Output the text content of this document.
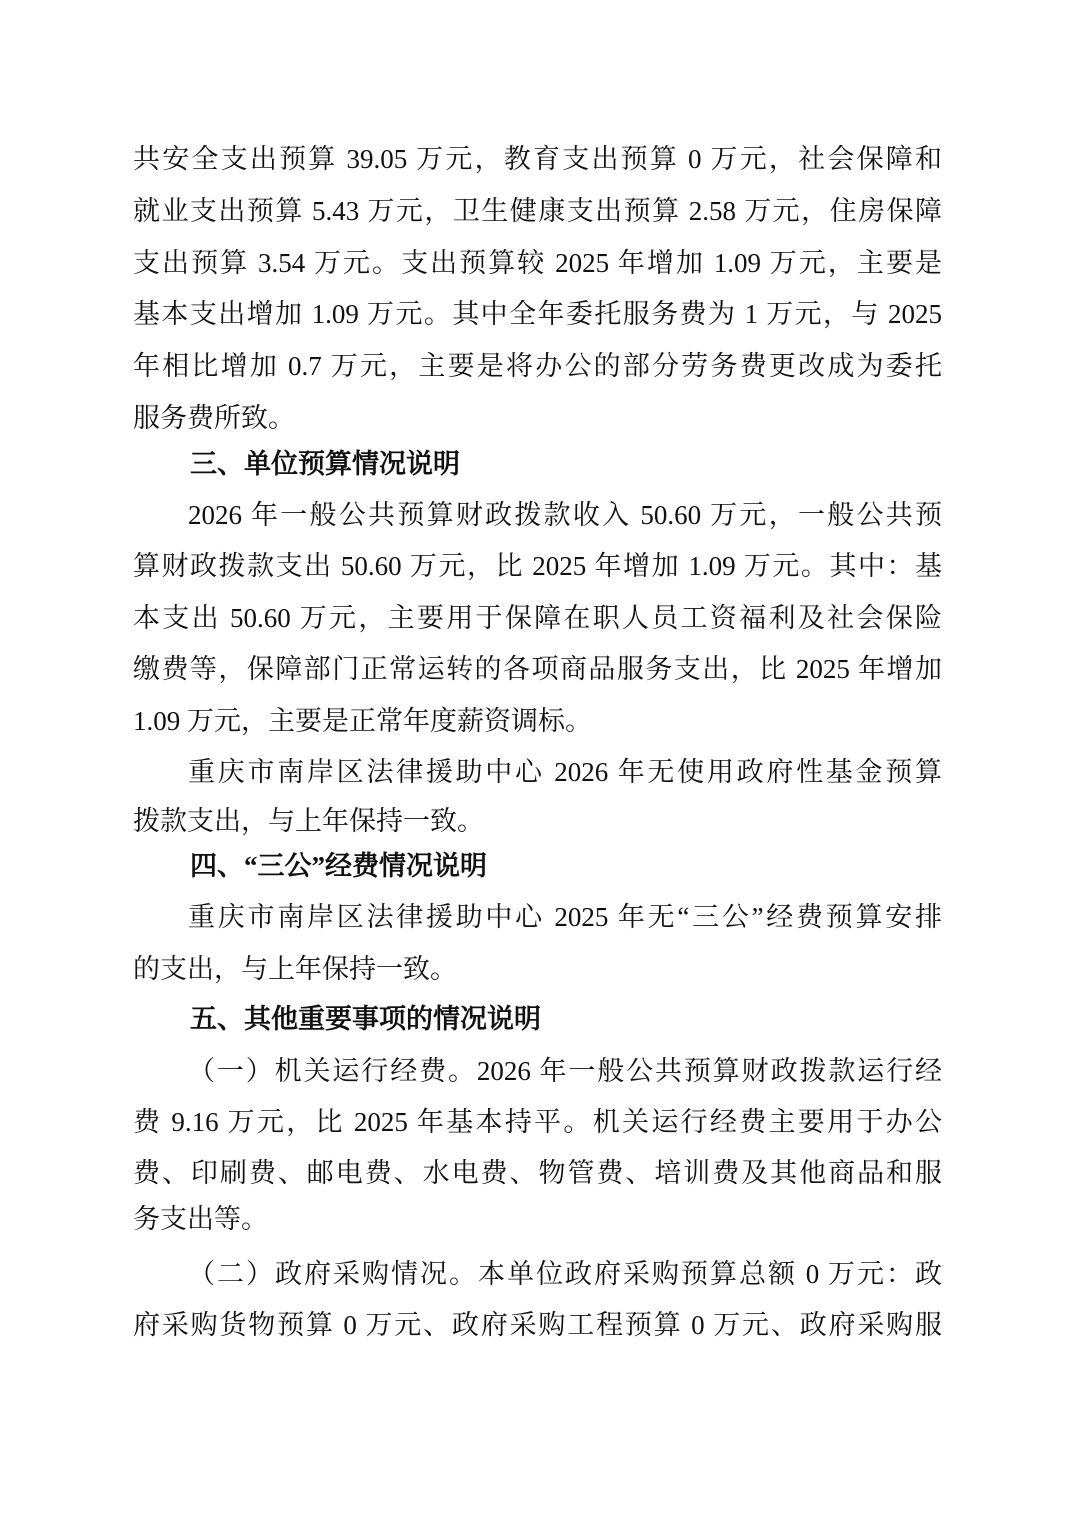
共安全支出预算 39.05 万元，教育支出预算 0 万元，社会保障和
就业支出预算 5.43 万元，卫生健康支出预算 2.58 万元，住房保障
支出预算 3.54 万元。支出预算较 2025 年增加 1.09 万元，主要是
基本支出增加 1.09 万元。其中全年委托服务费为 1 万元，与 2025
年相比增加 0.7 万元，主要是将办公的部分劳务费更改成为委托
服务费所致。
三、单位预算情况说明
2026 年一般公共预算财政拨款收入 50.60 万元，一般公共预
算财政拨款支出 50.60 万元，比 2025 年增加 1.09 万元。其中：基
本支出 50.60 万元，主要用于保障在职人员工资福利及社会保险
缴费等，保障部门正常运转的各项商品服务支出，比 2025 年增加
1.09 万元，主要是正常年度薪资调标。
重庆市南岸区法律援助中心 2026 年无使用政府性基金预算
拨款支出，与上年保持一致。
四、“三公”经费情况说明
重庆市南岸区法律援助中心 2025 年无“三公”经费预算安排
的支出，与上年保持一致。
五、其他重要事项的情况说明
（一）机关运行经费。2026 年一般公共预算财政拨款运行经
费 9.16 万元，比 2025 年基本持平。机关运行经费主要用于办公
费、印刷费、邮电费、水电费、物管费、培训费及其他商品和服
务支出等。
（二）政府采购情况。本单位政府采购预算总额 0 万元：政
府采购货物预算 0 万元、政府采购工程预算 0 万元、政府采购服
